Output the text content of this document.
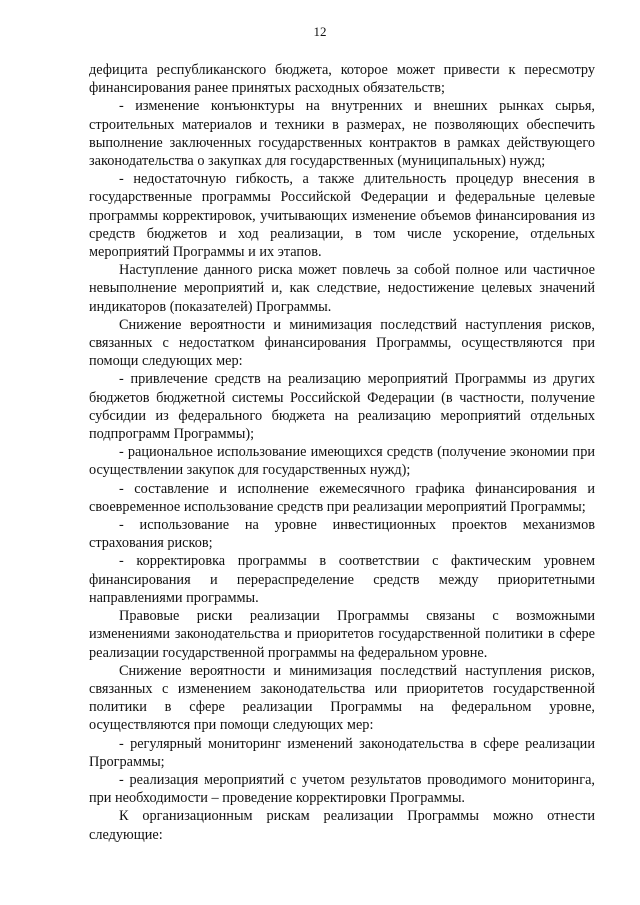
12

дефицита республиканского бюджета, которое может привести к пересмотру финансирования ранее принятых расходных обязательств;

- изменение конъюнктуры на внутренних и внешних рынках сырья, строительных материалов и техники в размерах, не позволяющих обеспечить выполнение заключенных государственных контрактов в рамках действующего законодательства о закупках для государственных (муниципальных) нужд;

- недостаточную гибкость, а также длительность процедур внесения в государственные программы Российской Федерации и федеральные целевые программы корректировок, учитывающих изменение объемов финансирования из средств бюджетов и ход реализации, в том числе ускорение, отдельных мероприятий Программы и их этапов.

Наступление данного риска может повлечь за собой полное или частичное невыполнение мероприятий и, как следствие, недостижение целевых значений индикаторов (показателей) Программы.

Снижение вероятности и минимизация последствий наступления рисков, связанных с недостатком финансирования Программы, осуществляются при помощи следующих мер:

- привлечение средств на реализацию мероприятий Программы из других бюджетов бюджетной системы Российской Федерации (в частности, получение субсидии из федерального бюджета на реализацию мероприятий отдельных подпрограмм Программы);

- рациональное использование имеющихся средств (получение экономии при осуществлении закупок для государственных нужд);

- составление и исполнение ежемесячного графика финансирования и своевременное использование средств при реализации мероприятий Программы;

- использование на уровне инвестиционных проектов механизмов страхования рисков;

- корректировка программы в соответствии с фактическим уровнем финансирования и перераспределение средств между приоритетными направлениями программы.

Правовые риски реализации Программы связаны с возможными изменениями законодательства и приоритетов государственной политики в сфере реализации государственной программы на федеральном уровне.

Снижение вероятности и минимизация последствий наступления рисков, связанных с изменением законодательства или приоритетов государственной политики в сфере реализации Программы на федеральном уровне, осуществляются при помощи следующих мер:

- регулярный мониторинг изменений законодательства в сфере реализации Программы;

- реализация мероприятий с учетом результатов проводимого мониторинга, при необходимости – проведение корректировки Программы.

К организационным рискам реализации Программы можно отнести следующие:
